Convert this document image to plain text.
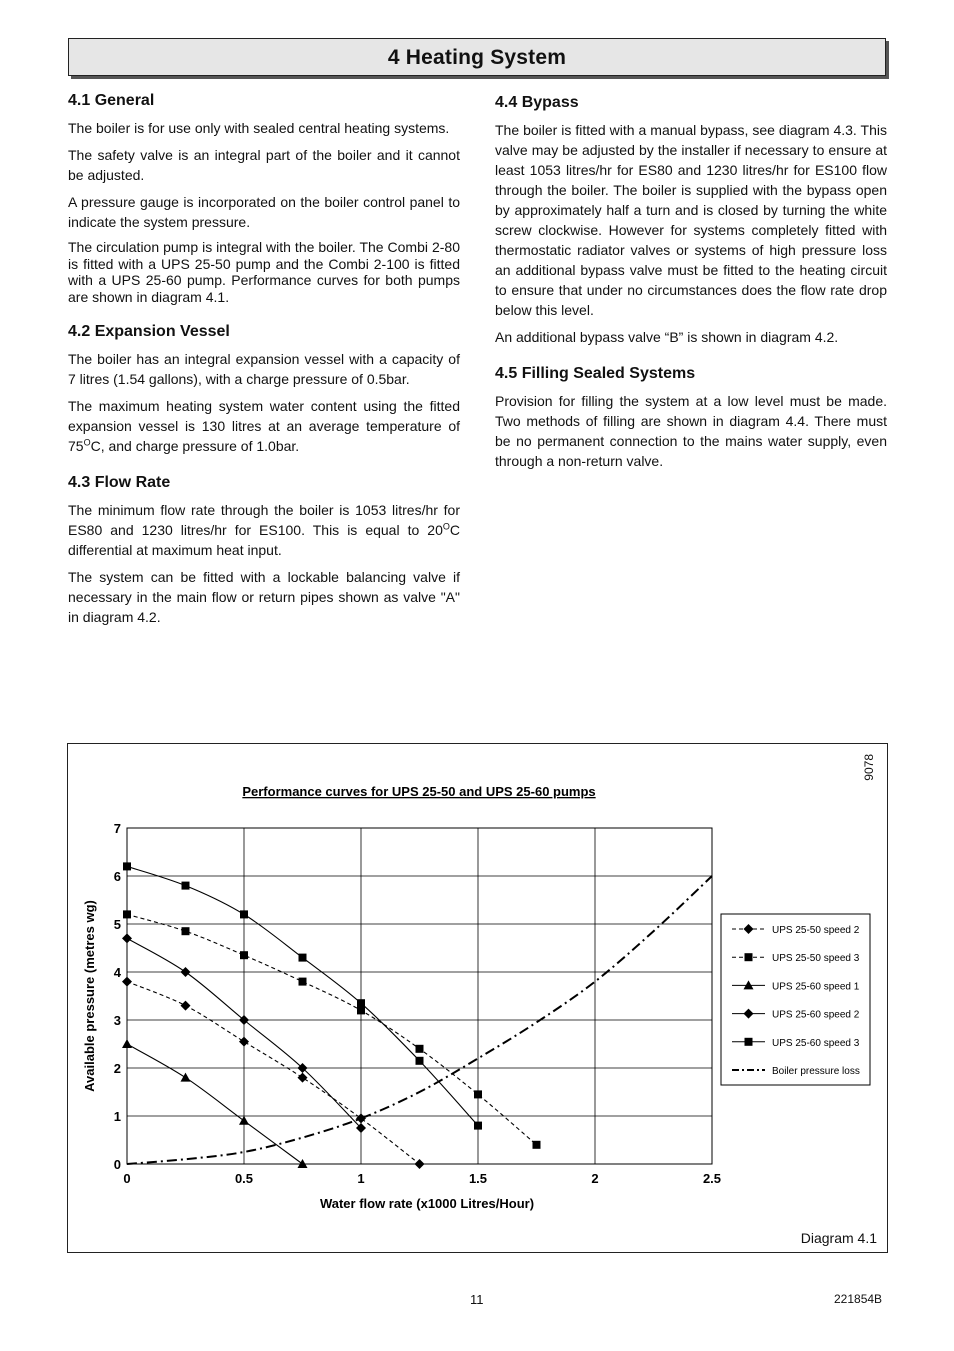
4 Heating System
4.1 General

The boiler is for use only with sealed central heating systems.

The safety valve is an integral part of the boiler and it cannot be adjusted.

A pressure gauge is incorporated on the boiler control panel to indicate the system pressure.

The circulation pump is integral with the boiler. The Combi 2-80 is fitted with a UPS 25-50 pump and the Combi 2-100 is fitted with a UPS 25-60 pump. Performance curves for both pumps are shown in diagram 4.1.

4.2 Expansion Vessel

The boiler has an integral expansion vessel with a capacity of 7 litres (1.54 gallons), with a charge pressure of 0.5bar.

The maximum heating system water content using the fitted expansion vessel is 130 litres at an average temperature of $75^OC$, and charge pressure of 1.0bar.

4.3 Flow Rate

The minimum flow rate through the boiler is 1053 litres/hr for ES80 and 1230 litres/hr for ES100. This is equal to $20^OC$ differential at maximum heat input.

The system can be fitted with a lockable balancing valve if necessary in the main flow or return pipes shown as valve "A" in diagram 4.2.

4.4 Bypass

The boiler is fitted with a manual bypass, see diagram 4.3. This valve may be adjusted by the installer if necessary to ensure at least 1053 litres/hr for ES80 and 1230 litres/hr for ES100 flow through the boiler. The boiler is supplied with the bypass open by approximately half a turn and is closed by turning the white screw clockwise. However for systems completely fitted with thermostatic radiator valves or systems of high pressure loss an additional bypass valve must be fitted to the heating circuit to ensure that under no circumstances does the flow rate drop below this level.

An additional bypass valve “B” is shown in diagram 4.2.

4.5 Filling Sealed Systems

Provision for filling the system at a low level must be made. Two methods of filling are shown in diagram 4.4. There must be no permanent connection to the mains water supply, even through a non-return valve.

Performance curves for UPS 25-50 and UPS 25-60 pumps
0	0.5	1	1.5	2	2.5
0
1
2
3
4
5
6
7
Water flow rate (x1000 Litres/Hour)
Available pressure (metres wg)	UPS 25-50 speed 2
UPS 25-50 speed 3
UPS 25-60 speed 1
UPS 25-60 speed 2
UPS 25-60 speed 3
Boiler pressure loss
9078
Diagram 4.1
11	221854B
